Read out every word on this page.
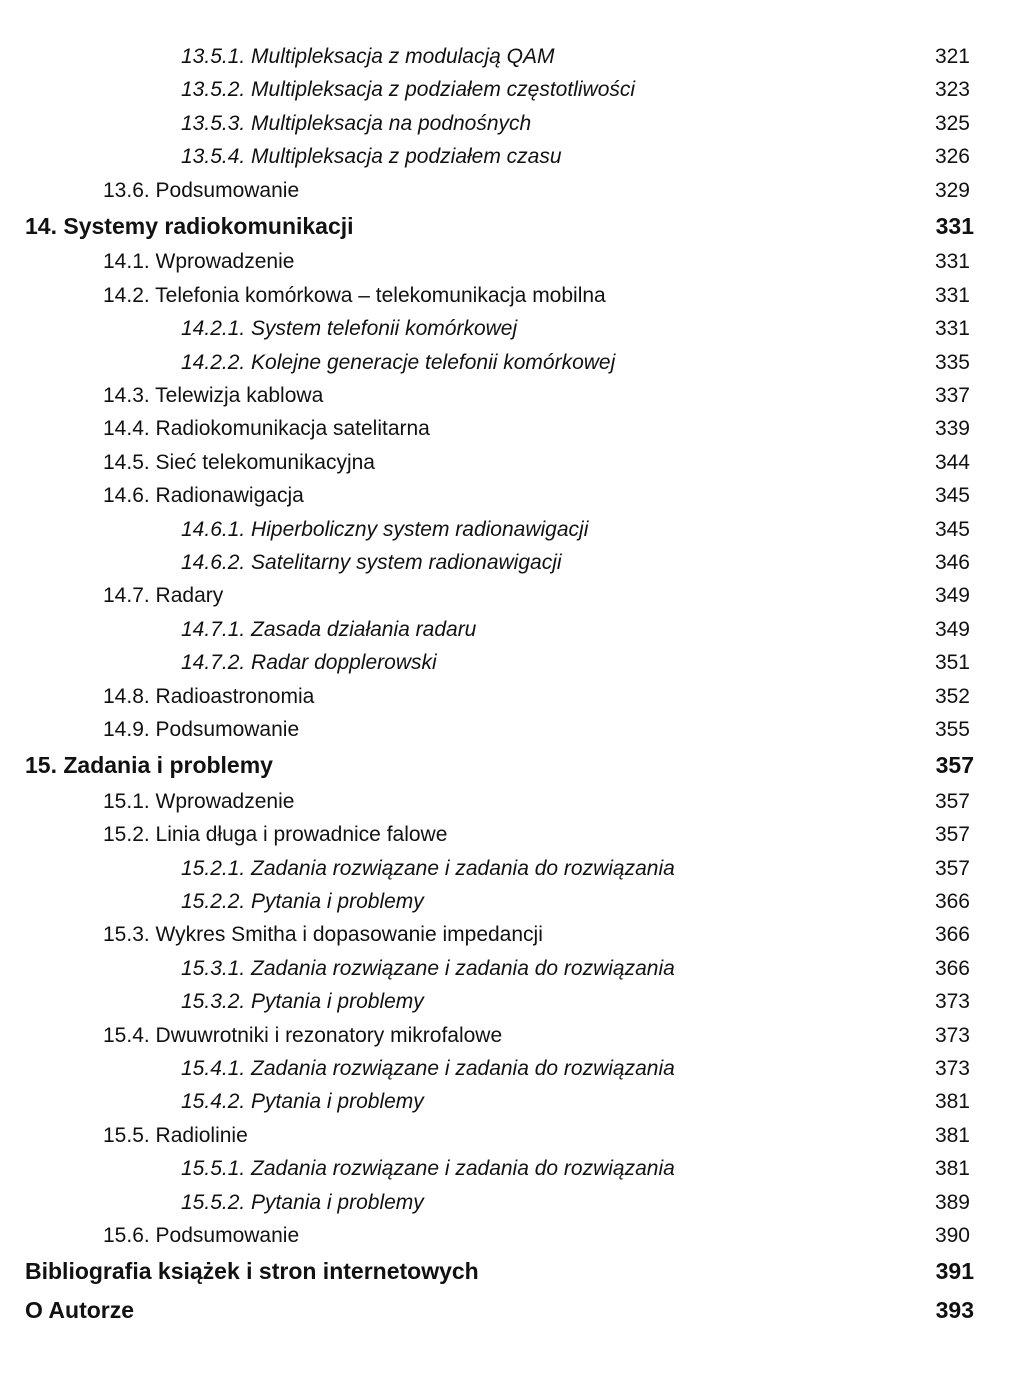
13.5.1. Multipleksacja z modulacją QAM	321
13.5.2. Multipleksacja z podziałem częstotliwości	323
13.5.3. Multipleksacja na podnośnych	325
13.5.4. Multipleksacja z podziałem czasu	326
13.6. Podsumowanie	329
14. Systemy radiokomunikacji	331
14.1. Wprowadzenie	331
14.2. Telefonia komórkowa – telekomunikacja mobilna	331
14.2.1. System telefonii komórkowej	331
14.2.2. Kolejne generacje telefonii komórkowej	335
14.3. Telewizja kablowa	337
14.4. Radiokomunikacja satelitarna	339
14.5. Sieć telekomunikacyjna	344
14.6. Radionawigacja	345
14.6.1. Hiperboliczny system radionawigacji	345
14.6.2. Satelitarny system radionawigacji	346
14.7. Radary	349
14.7.1. Zasada działania radaru	349
14.7.2. Radar dopplerowski	351
14.8. Radioastronomia	352
14.9. Podsumowanie	355
15. Zadania i problemy	357
15.1. Wprowadzenie	357
15.2. Linia długa i prowadnice falowe	357
15.2.1. Zadania rozwiązane i zadania do rozwiązania	357
15.2.2. Pytania i problemy	366
15.3. Wykres Smitha i dopasowanie impedancji	366
15.3.1. Zadania rozwiązane i zadania do rozwiązania	366
15.3.2. Pytania i problemy	373
15.4. Dwuwrotniki i rezonatory mikrofalowe	373
15.4.1. Zadania rozwiązane i zadania do rozwiązania	373
15.4.2. Pytania i problemy	381
15.5. Radiolinie	381
15.5.1. Zadania rozwiązane i zadania do rozwiązania	381
15.5.2. Pytania i problemy	389
15.6. Podsumowanie	390
Bibliografia książek i stron internetowych	391
O Autorze	393
